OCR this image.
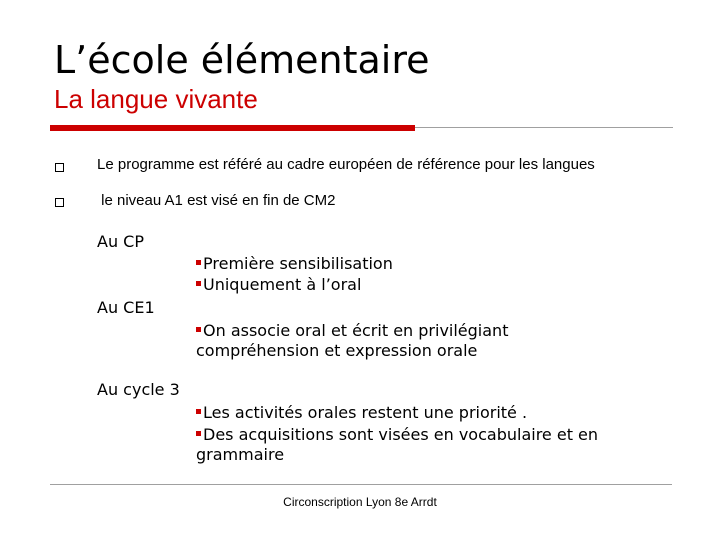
L’école élémentaire
La langue vivante
Le programme est référé au cadre européen de référence pour les langues
le niveau A1 est visé en fin de CM2
Au CP
Première sensibilisation
Uniquement à l’oral
Au CE1
On associe oral et écrit en privilégiant compréhension et expression orale
Au cycle 3
Les activités orales restent une priorité .
Des acquisitions sont visées en vocabulaire et en grammaire
Circonscription Lyon 8e Arrdt
